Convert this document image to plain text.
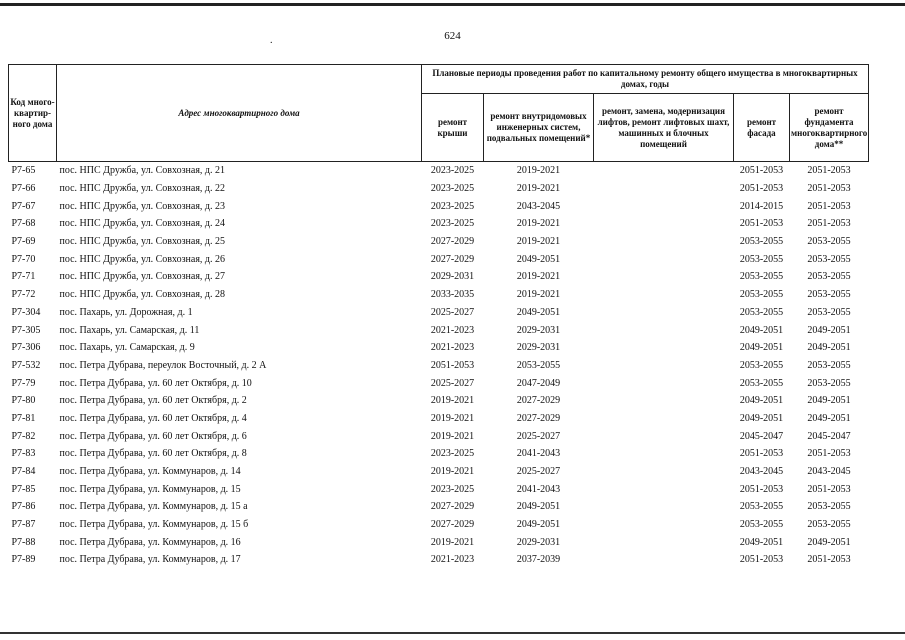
624
.
Код много-квартир-ного дома	Адрес многоквартирного дома	Плановые периоды проведения работ по капитальному ремонту общего имущества в многоквартирных домах, годы				
		ремонт крыши	ремонт внутридомовых инженерных систем, подвальных помещений*	ремонт, замена, модернизация лифтов, ремонт лифтовых шахт, машинных и блочных помещений	ремонт фасада	ремонт фундамента многоквартирного дома**
Р7-65	пос. НПС Дружба, ул. Совхозная, д. 21	2023-2025	2019-2021		2051-2053	2051-2053
Р7-66	пос. НПС Дружба, ул. Совхозная, д. 22	2023-2025	2019-2021		2051-2053	2051-2053
Р7-67	пос. НПС Дружба, ул. Совхозная, д. 23	2023-2025	2043-2045		2014-2015	2051-2053
Р7-68	пос. НПС Дружба, ул. Совхозная, д. 24	2023-2025	2019-2021		2051-2053	2051-2053
Р7-69	пос. НПС Дружба, ул. Совхозная, д. 25	2027-2029	2019-2021		2053-2055	2053-2055
Р7-70	пос. НПС Дружба, ул. Совхозная, д. 26	2027-2029	2049-2051		2053-2055	2053-2055
Р7-71	пос. НПС Дружба, ул. Совхозная, д. 27	2029-2031	2019-2021		2053-2055	2053-2055
Р7-72	пос. НПС Дружба, ул. Совхозная, д. 28	2033-2035	2019-2021		2053-2055	2053-2055
Р7-304	пос. Пахарь, ул. Дорожная, д. 1	2025-2027	2049-2051		2053-2055	2053-2055
Р7-305	пос. Пахарь, ул. Самарская, д. 11	2021-2023	2029-2031		2049-2051	2049-2051
Р7-306	пос. Пахарь, ул. Самарская, д. 9	2021-2023	2029-2031		2049-2051	2049-2051
Р7-532	пос. Петра Дубрава, переулок Восточный, д. 2 А	2051-2053	2053-2055		2053-2055	2053-2055
Р7-79	пос. Петра Дубрава, ул. 60 лет Октября, д. 10	2025-2027	2047-2049		2053-2055	2053-2055
Р7-80	пос. Петра Дубрава, ул. 60 лет Октября, д. 2	2019-2021	2027-2029		2049-2051	2049-2051
Р7-81	пос. Петра Дубрава, ул. 60 лет Октября, д. 4	2019-2021	2027-2029		2049-2051	2049-2051
Р7-82	пос. Петра Дубрава, ул. 60 лет Октября, д. 6	2019-2021	2025-2027		2045-2047	2045-2047
Р7-83	пос. Петра Дубрава, ул. 60 лет Октября, д. 8	2023-2025	2041-2043		2051-2053	2051-2053
Р7-84	пос. Петра Дубрава, ул. Коммунаров, д. 14	2019-2021	2025-2027		2043-2045	2043-2045
Р7-85	пос. Петра Дубрава, ул. Коммунаров, д. 15	2023-2025	2041-2043		2051-2053	2051-2053
Р7-86	пос. Петра Дубрава, ул. Коммунаров, д. 15 а	2027-2029	2049-2051		2053-2055	2053-2055
Р7-87	пос. Петра Дубрава, ул. Коммунаров, д. 15 б	2027-2029	2049-2051		2053-2055	2053-2055
Р7-88	пос. Петра Дубрава, ул. Коммунаров, д. 16	2019-2021	2029-2031		2049-2051	2049-2051
Р7-89	пос. Петра Дубрава, ул. Коммунаров, д. 17	2021-2023	2037-2039		2051-2053	2051-2053
